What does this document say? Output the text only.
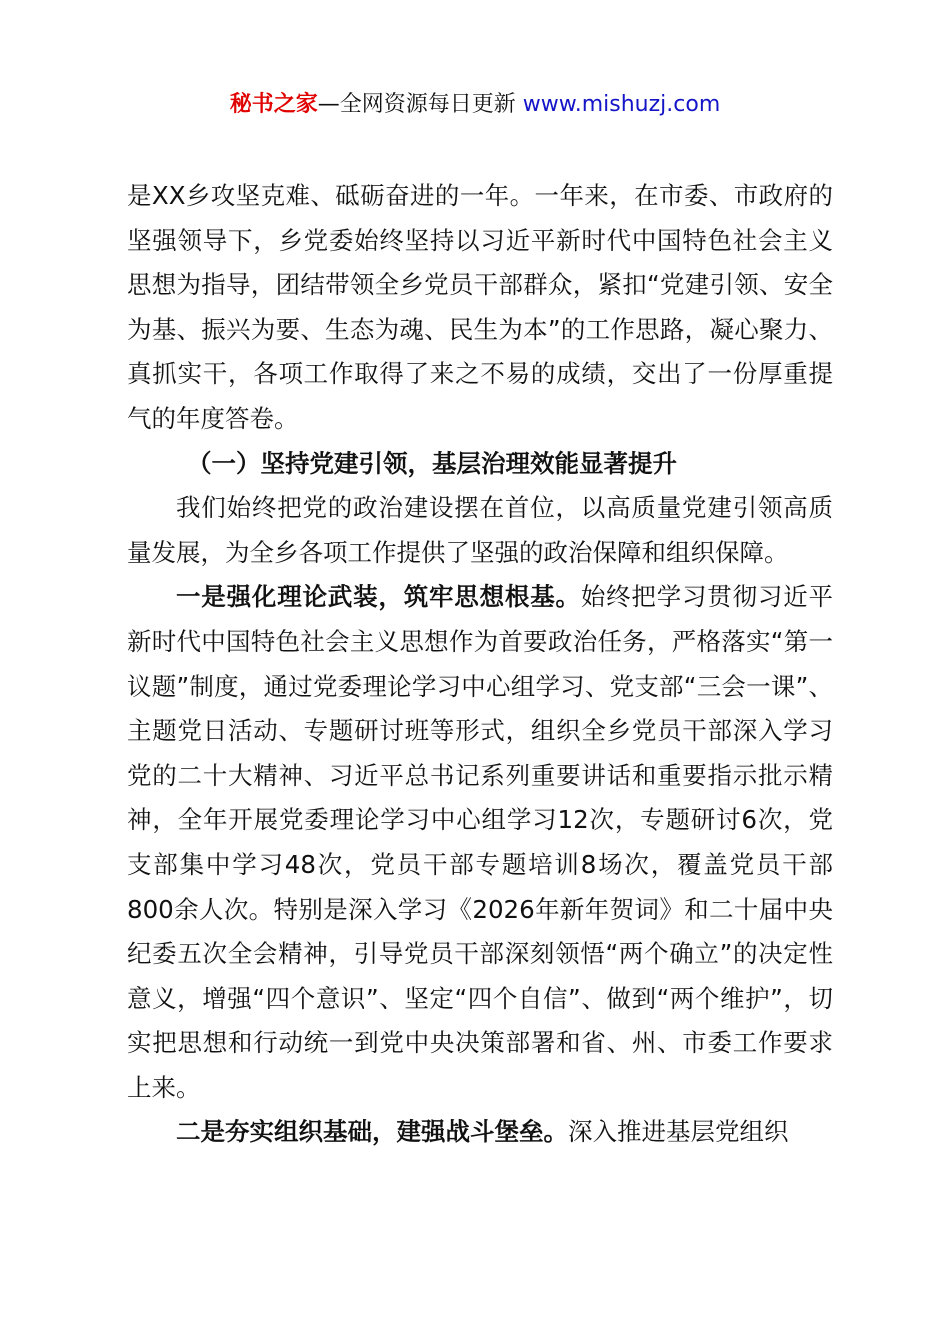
秘书之家—全网资源每日更新 www.mishuzj.com

是XX乡攻坚克难、砥砺奋进的一年。一年来，在市委、市政府的坚强领导下，乡党委始终坚持以习近平新时代中国特色社会主义思想为指导，团结带领全乡党员干部群众，紧扣“党建引领、安全为基、振兴为要、生态为魂、民生为本”的工作思路，凝心聚力、真抓实干，各项工作取得了来之不易的成绩，交出了一份厚重提气的年度答卷。

（一）坚持党建引领，基层治理效能显著提升

我们始终把党的政治建设摆在首位，以高质量党建引领高质量发展，为全乡各项工作提供了坚强的政治保障和组织保障。

一是强化理论武装，筑牢思想根基。始终把学习贯彻习近平新时代中国特色社会主义思想作为首要政治任务，严格落实“第一议题”制度，通过党委理论学习中心组学习、党支部“三会一课”、主题党日活动、专题研讨班等形式，组织全乡党员干部深入学习党的二十大精神、习近平总书记系列重要讲话和重要指示批示精神，全年开展党委理论学习中心组学习12次，专题研讨6次，党支部集中学习48次，党员干部专题培训8场次，覆盖党员干部800余人次。特别是深入学习《2026年新年贺词》和二十届中央纪委五次全会精神，引导党员干部深刻领悟“两个确立”的决定性意义，增强“四个意识”、坚定“四个自信”、做到“两个维护”，切实把思想和行动统一到党中央决策部署和省、州、市委工作要求上来。

二是夯实组织基础，建强战斗堡垒。深入推进基层党组织
